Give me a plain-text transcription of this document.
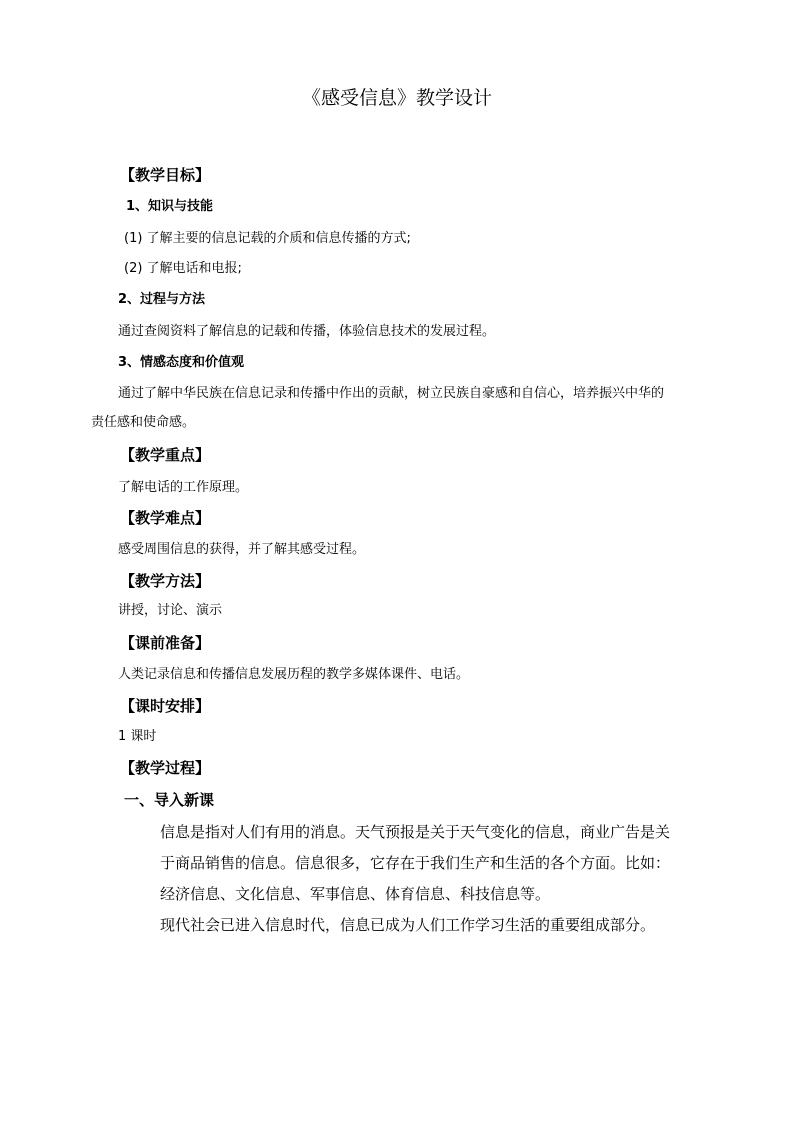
《感受信息》教学设计
【教学目标】
1、知识与技能
(1) 了解主要的信息记载的介质和信息传播的方式;
(2) 了解电话和电报;
2、过程与方法
通过查阅资料了解信息的记载和传播，体验信息技术的发展过程。
3、情感态度和价值观
通过了解中华民族在信息记录和传播中作出的贡献，树立民族自豪感和自信心，培养振兴中华的
责任感和使命感。
【教学重点】
了解电话的工作原理。
【教学难点】
感受周围信息的获得，并了解其感受过程。
【教学方法】
讲授，讨论、演示
【课前准备】
人类记录信息和传播信息发展历程的教学多媒体课件、电话。
【课时安排】
1 课时
【教学过程】
一、导入新课
信息是指对人们有用的消息。天气预报是关于天气变化的信息，商业广告是关
于商品销售的信息。信息很多，它存在于我们生产和生活的各个方面。比如：
经济信息、文化信息、军事信息、体育信息、科技信息等。
现代社会已进入信息时代，信息已成为人们工作学习生活的重要组成部分。
